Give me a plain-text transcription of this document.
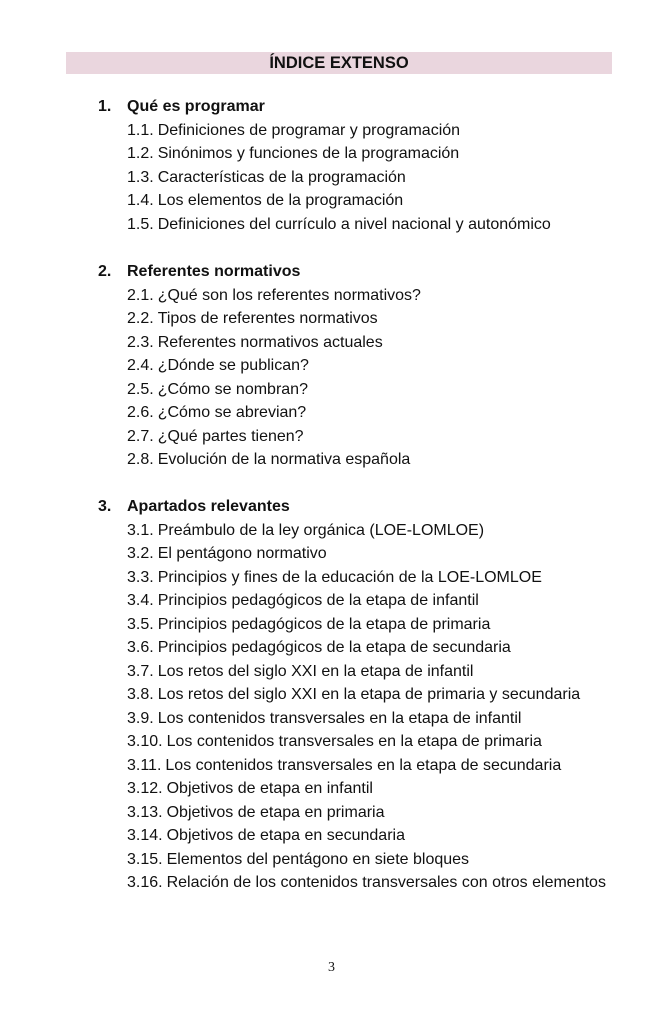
ÍNDICE EXTENSO
1. Qué es programar
1.1. Definiciones de programar y programación
1.2. Sinónimos y funciones de la programación
1.3. Características de la programación
1.4. Los elementos de la programación
1.5. Definiciones del currículo a nivel nacional y autonómico
2. Referentes normativos
2.1. ¿Qué son los referentes normativos?
2.2. Tipos de referentes normativos
2.3. Referentes normativos actuales
2.4. ¿Dónde se publican?
2.5. ¿Cómo se nombran?
2.6. ¿Cómo se abrevian?
2.7. ¿Qué partes tienen?
2.8. Evolución de la normativa española
3. Apartados relevantes
3.1. Preámbulo de la ley orgánica (LOE-LOMLOE)
3.2. El pentágono normativo
3.3. Principios y fines de la educación de la LOE-LOMLOE
3.4. Principios pedagógicos de la etapa de infantil
3.5. Principios pedagógicos de la etapa de primaria
3.6. Principios pedagógicos de la etapa de secundaria
3.7. Los retos del siglo XXI en la etapa de infantil
3.8. Los retos del siglo XXI en la etapa de primaria y secundaria
3.9. Los contenidos transversales en la etapa de infantil
3.10. Los contenidos transversales en la etapa de primaria
3.11. Los contenidos transversales en la etapa de secundaria
3.12. Objetivos de etapa en infantil
3.13. Objetivos de etapa en primaria
3.14. Objetivos de etapa en secundaria
3.15. Elementos del pentágono en siete bloques
3.16. Relación de los contenidos transversales con otros elementos
3
